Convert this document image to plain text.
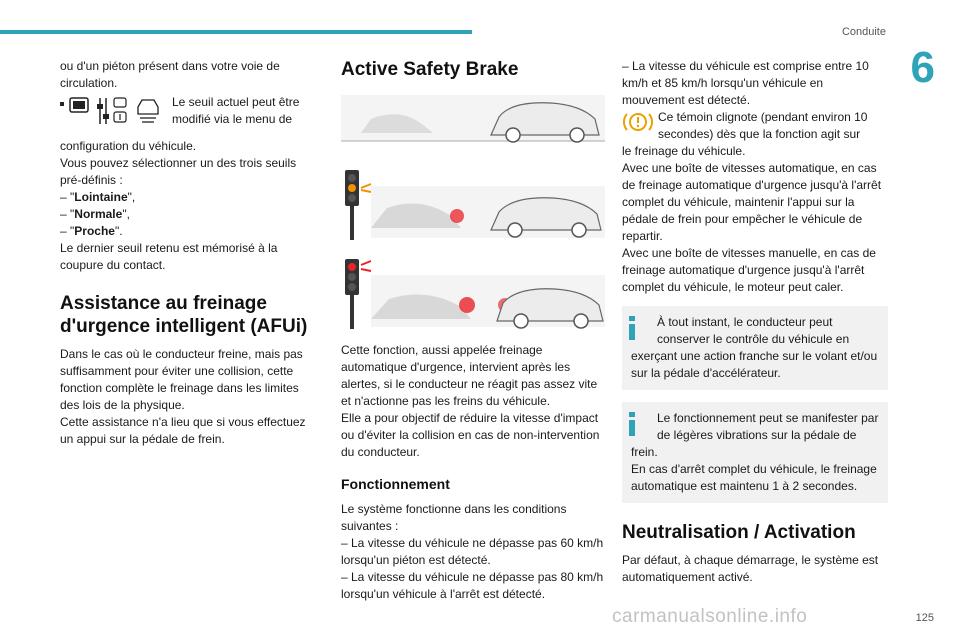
Conduite
6

ou d'un piéton présent dans votre voie de circulation.

Le seuil actuel peut être modifié via le menu de

configuration du véhicule.

Vous pouvez sélectionner un des trois seuils pré-définis :

– "Lointaine",

– "Normale",

– "Proche".

Le dernier seuil retenu est mémorisé à la coupure du contact.

Assistance au freinage d'urgence intelligent (AFUi)

Dans le cas où le conducteur freine, mais pas suffisamment pour éviter une collision, cette fonction complète le freinage dans les limites des lois de la physique.

Cette assistance n'a lieu que si vous effectuez un appui sur la pédale de frein.

Active Safety Brake

Cette fonction, aussi appelée freinage automatique d'urgence, intervient après les alertes, si le conducteur ne réagit pas assez vite et n'actionne pas les freins du véhicule.

Elle a pour objectif de réduire la vitesse d'impact ou d'éviter la collision en cas de non-intervention du conducteur.

Fonctionnement

Le système fonctionne dans les conditions suivantes :

– La vitesse du véhicule ne dépasse pas 60 km/h lorsqu'un piéton est détecté.

– La vitesse du véhicule ne dépasse pas 80 km/h lorsqu'un véhicule à l'arrêt est détecté.

– La vitesse du véhicule est comprise entre 10 km/h et 85 km/h lorsqu'un véhicule en mouvement est détecté.

Ce témoin clignote (pendant environ 10 secondes) dès que la fonction agit sur

le freinage du véhicule.

Avec une boîte de vitesses automatique, en cas de freinage automatique d'urgence jusqu'à l'arrêt complet du véhicule, maintenir l'appui sur la pédale de frein pour empêcher le véhicule de repartir.

Avec une boîte de vitesses manuelle, en cas de freinage automatique d'urgence jusqu'à l'arrêt complet du véhicule, le moteur peut caler.

À tout instant, le conducteur peut conserver le contrôle du véhicule en

exerçant une action franche sur le volant et/ou sur la pédale d'accélérateur.

Le fonctionnement peut se manifester par de légères vibrations sur la pédale de

frein.

En cas d'arrêt complet du véhicule, le freinage automatique est maintenu 1 à 2 secondes.

Neutralisation / Activation

Par défaut, à chaque démarrage, le système est automatiquement activé.

carmanualsonline.info	125
